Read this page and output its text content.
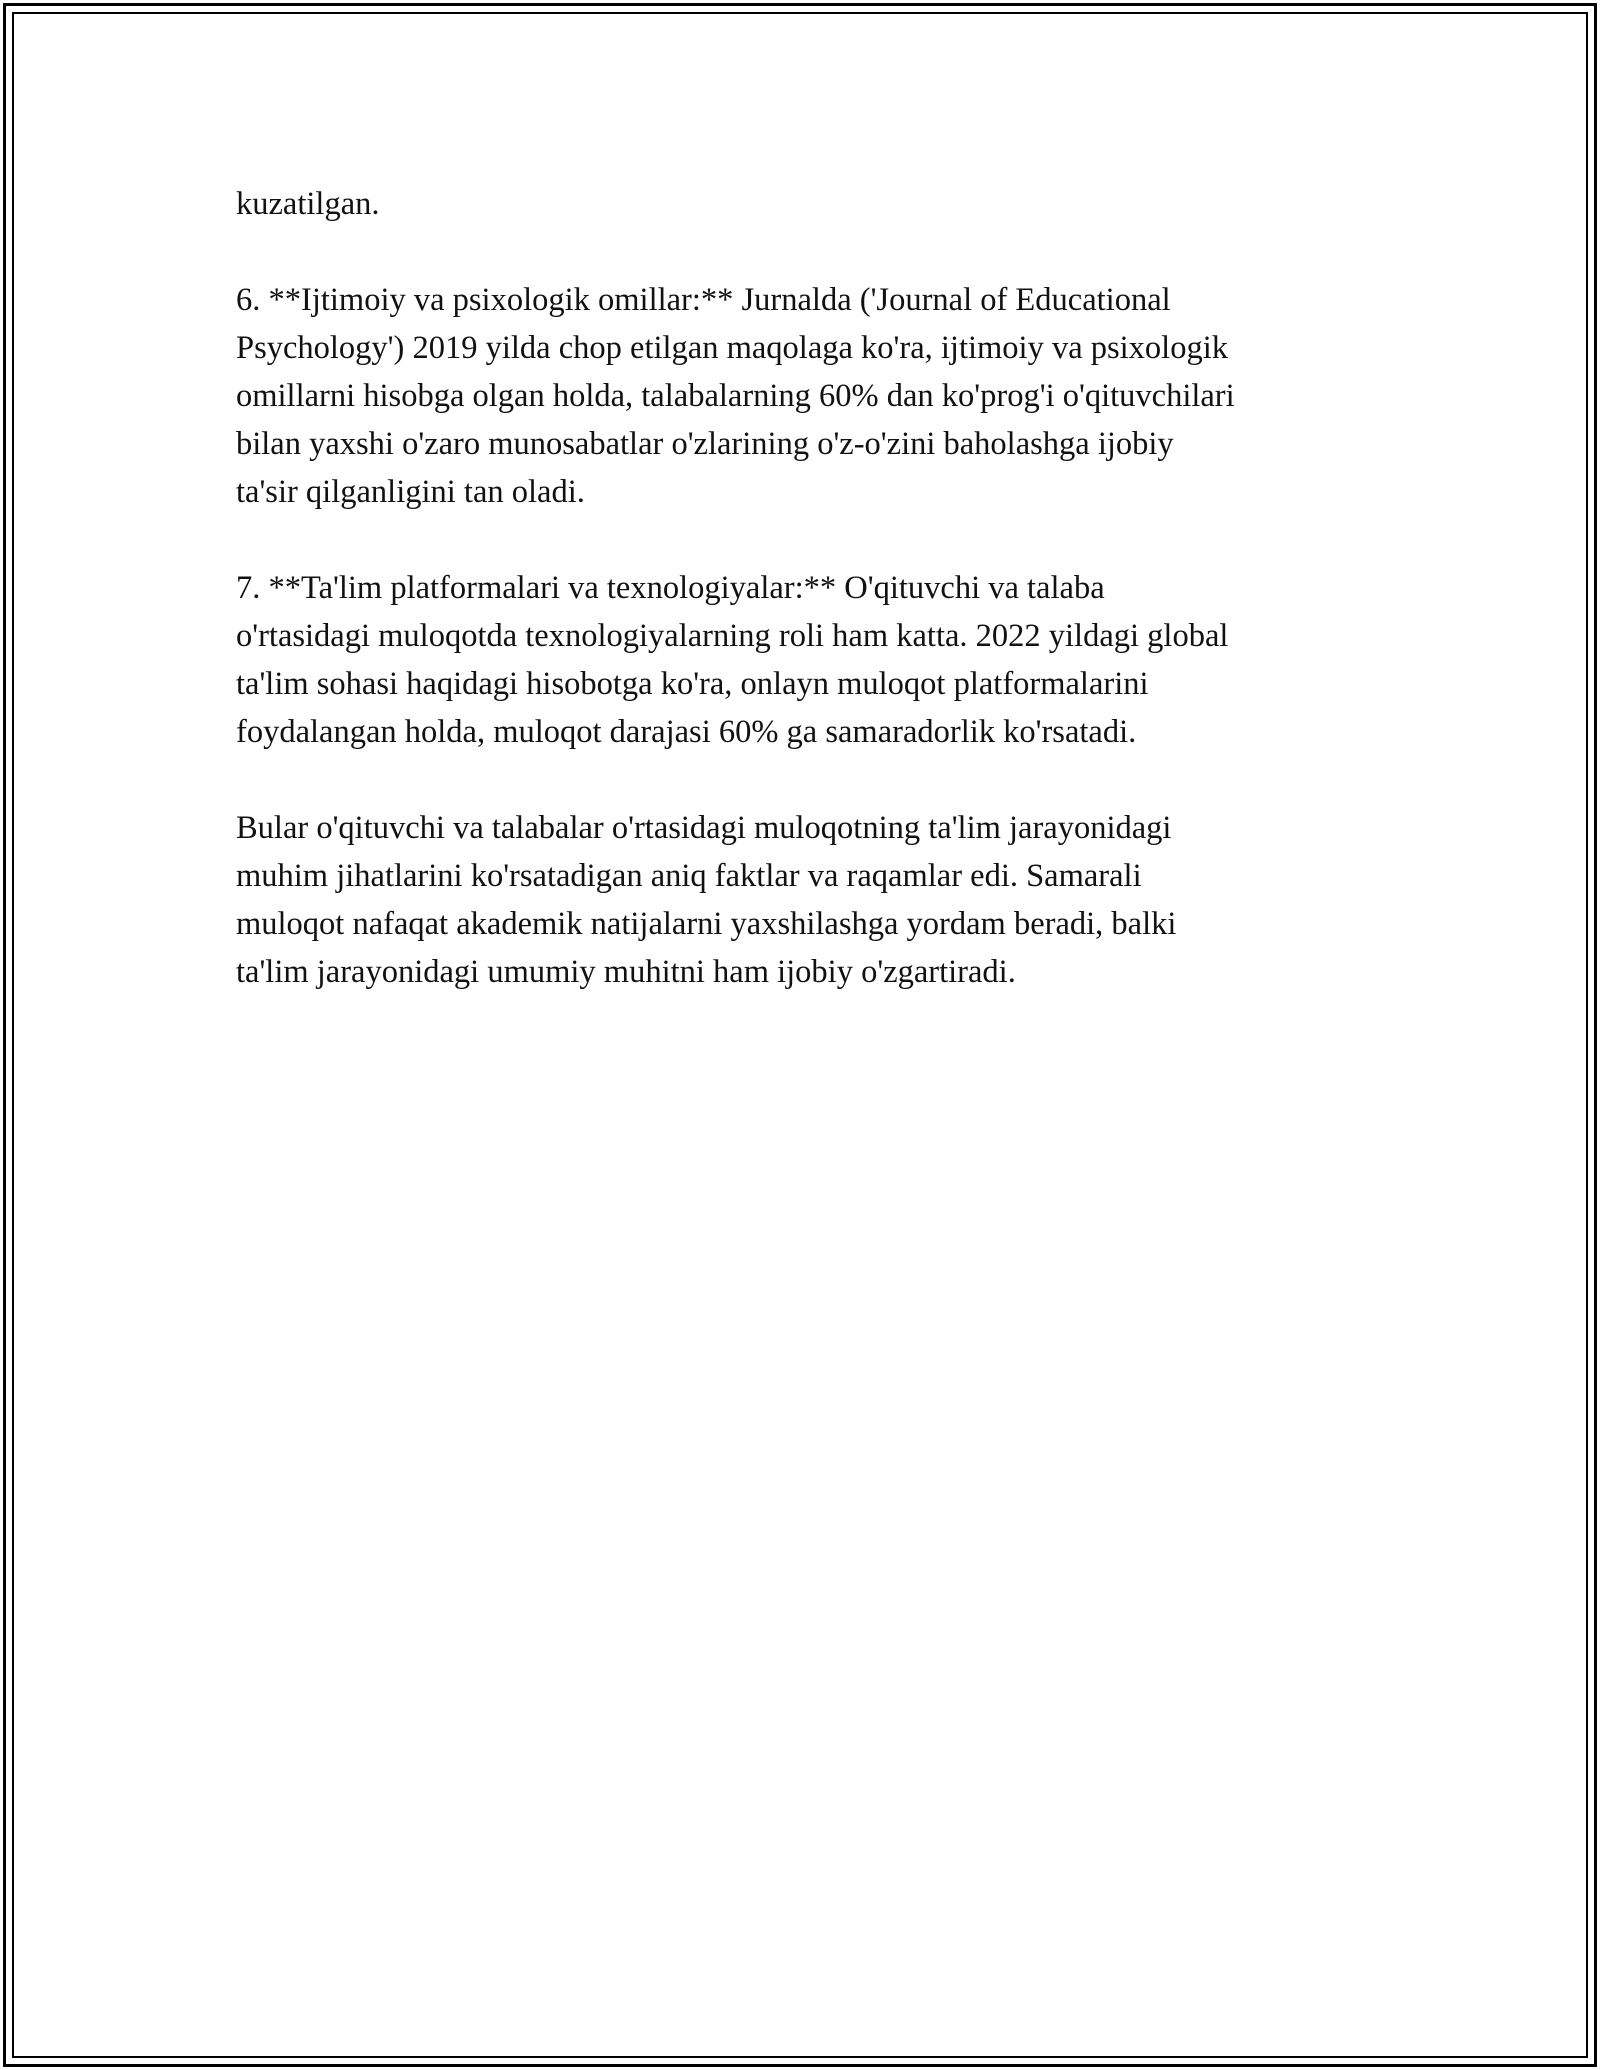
kuzatilgan.

6. **Ijtimoiy va psixologik omillar:** Jurnalda ('Journal of Educational
Psychology') 2019 yilda chop etilgan maqolaga ko'ra, ijtimoiy va psixologik
omillarni hisobga olgan holda, talabalarning 60% dan ko'prog'i o'qituvchilari
bilan yaxshi o'zaro munosabatlar o'zlarining o'z-o'zini baholashga ijobiy
ta'sir qilganligini tan oladi.

7. **Ta'lim platformalari va texnologiyalar:** O'qituvchi va talaba
o'rtasidagi muloqotda texnologiyalarning roli ham katta. 2022 yildagi global
ta'lim sohasi haqidagi hisobotga ko'ra, onlayn muloqot platformalarini
foydalangan holda, muloqot darajasi 60% ga samaradorlik ko'rsatadi.

Bular o'qituvchi va talabalar o'rtasidagi muloqotning ta'lim jarayonidagi
muhim jihatlarini ko'rsatadigan aniq faktlar va raqamlar edi. Samarali
muloqot nafaqat akademik natijalarni yaxshilashga yordam beradi, balki
ta'lim jarayonidagi umumiy muhitni ham ijobiy o'zgartiradi.
